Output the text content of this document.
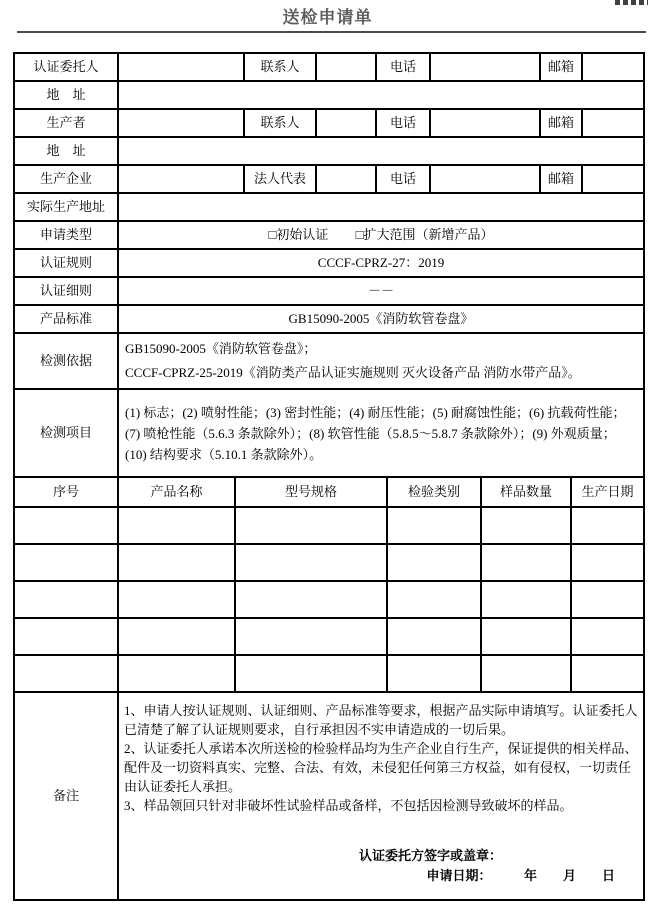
送检申请单
认证委托人		联系人		电话		邮箱	
地　址							
生产者		联系人		电话		邮箱	
地　址							
生产企业		法人代表		电话		邮箱	
实际生产地址							
申请类型	□初始认证 □扩大范围（新增产品）						
认证规则	CCCF-CPRZ-27：2019						
认证细则	－－						
产品标准	GB15090-2005《消防软管卷盘》						
检测依据	GB15090-2005《消防软管卷盘》；
CCCF-CPRZ-25-2019《消防类产品认证实施规则 灭火设备产品 消防水带产品》。						

检测项目	(1) 标志；(2) 喷射性能；(3) 密封性能；(4) 耐压性能；(5) 耐腐蚀性能；(6) 抗载荷性能；(7) 喷枪性能（5.6.3 条款除外）；(8) 软管性能（5.8.5～5.8.7 条款除外）；(9) 外观质量；(10) 结构要求（5.10.1 条款除外）。						
序号	产品名称	型号规格	检验类别	样品数量	生产日期

备注	

1、申请人按认证规则、认证细则、产品标准等要求，根据产品实际申请填写。认证委托人已清楚了解了认证规则要求，自行承担因不实申请造成的一切后果。

2、认证委托人承诺本次所送检的检验样品均为生产企业自行生产，保证提供的相关样品、配件及一切资料真实、完整、合法、有效，未侵犯任何第三方权益，如有侵权，一切责任由认证委托人承担。

3、样品领回只针对非破坏性试验样品或备样，不包括因检测导致破坏的样品。

认证委托方签字或盖章：
申请日期：　　　年　　月　　日
